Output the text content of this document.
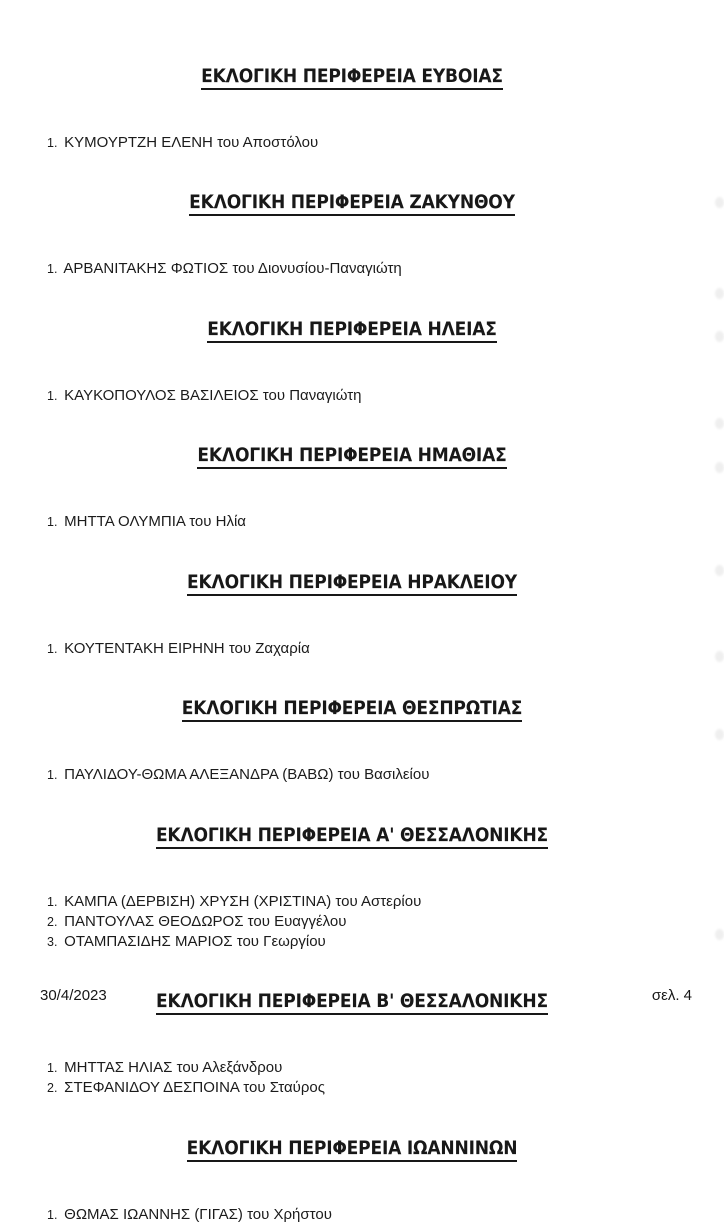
ΕΚΛΟΓΙΚΗ ΠΕΡΙΦΕΡΕΙΑ ΕΥΒΟΙΑΣ
1. ΚΥΜΟΥΡΤΖΗ ΕΛΕΝΗ του Αποστόλου
ΕΚΛΟΓΙΚΗ ΠΕΡΙΦΕΡΕΙΑ ΖΑΚΥΝΘΟΥ
1. ΑΡΒΑΝΙΤΑΚΗΣ ΦΩΤΙΟΣ του Διονυσίου-Παναγιώτη
ΕΚΛΟΓΙΚΗ ΠΕΡΙΦΕΡΕΙΑ ΗΛΕΙΑΣ
1. ΚΑΥΚΟΠΟΥΛΟΣ ΒΑΣΙΛΕΙΟΣ του Παναγιώτη
ΕΚΛΟΓΙΚΗ ΠΕΡΙΦΕΡΕΙΑ ΗΜΑΘΙΑΣ
1. ΜΗΤΤΑ ΟΛΥΜΠΙΑ του Ηλία
ΕΚΛΟΓΙΚΗ ΠΕΡΙΦΕΡΕΙΑ ΗΡΑΚΛΕΙΟΥ
1. ΚΟΥΤΕΝΤΑΚΗ ΕΙΡΗΝΗ του Ζαχαρία
ΕΚΛΟΓΙΚΗ ΠΕΡΙΦΕΡΕΙΑ ΘΕΣΠΡΩΤΙΑΣ
1. ΠΑΥΛΙΔΟΥ-ΘΩΜΑ ΑΛΕΞΑΝΔΡΑ (ΒΑΒΩ) του Βασιλείου
ΕΚΛΟΓΙΚΗ ΠΕΡΙΦΕΡΕΙΑ Α' ΘΕΣΣΑΛΟΝΙΚΗΣ
1. ΚΑΜΠΑ (ΔΕΡΒΙΣΗ) ΧΡΥΣΗ (ΧΡΙΣΤΙΝΑ) του Αστερίου
2. ΠΑΝΤΟΥΛΑΣ ΘΕΟΔΩΡΟΣ του Ευαγγέλου
3. ΟΤΑΜΠΑΣΙΔΗΣ ΜΑΡΙΟΣ του Γεωργίου
ΕΚΛΟΓΙΚΗ ΠΕΡΙΦΕΡΕΙΑ Β' ΘΕΣΣΑΛΟΝΙΚΗΣ
1. ΜΗΤΤΑΣ ΗΛΙΑΣ του Αλεξάνδρου
2. ΣΤΕΦΑΝΙΔΟΥ ΔΕΣΠΟΙΝΑ του Σταύρος
ΕΚΛΟΓΙΚΗ ΠΕΡΙΦΕΡΕΙΑ ΙΩΑΝΝΙΝΩΝ
1. ΘΩΜΑΣ ΙΩΑΝΝΗΣ (ΓΙΓΑΣ) του Χρήστου
30/4/2023	σελ. 4
